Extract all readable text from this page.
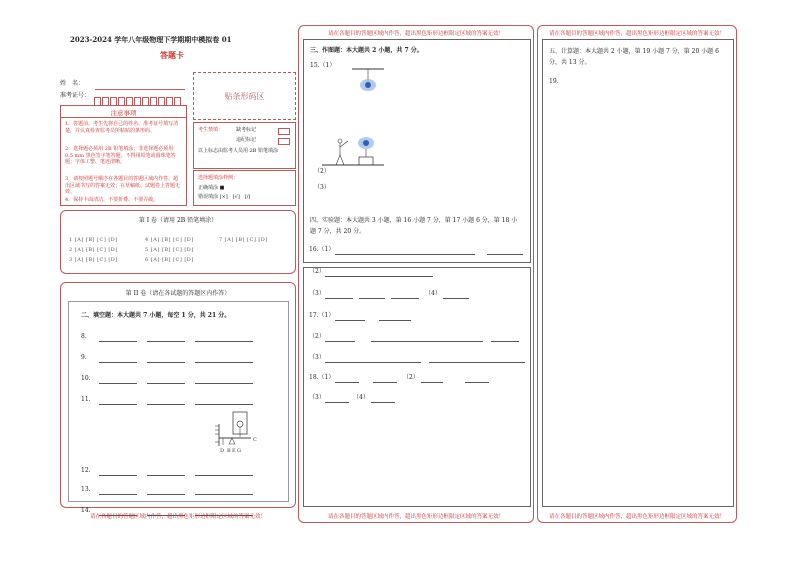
2023-2024 学年八年级物理下学期期中模拟卷 01
答题卡
姓　名：
准考证号：	贴条形码区
注意事项
1．答题前，考生先将自己的姓名、准考证号填写清楚，并认真检查监考员所粘贴的条形码。
2．选择题必须用 2B 铅笔填涂；非选择题必须用 0.5 mm 黑色签字笔答题，不得用铅笔或圆珠笔答题；字体工整、笔迹清晰。
3．请按照题号顺序在各题目的答题区域内作答，超出区域书写的答案无效；在草稿纸、试题卷上答题无效。
4．保持卡面清洁，不要折叠、不要弄破。
考生禁填：	缺考标记
违纪标记
以上标志由监考人员用 2B 铅笔填涂
选择题填涂样例：
正确填涂 ■
错误填涂 [×]　[√]　[/]
第 I 卷（请用 2B 铅笔填涂）
1 [A] [B] [C] [D]	4 [A] [B] [C] [D]	7 [A] [B] [C] [D]
2 [A] [B] [C] [D]	5 [A] [B] [C] [D]
3 [A] [B] [C] [D]	6 [A] [B] [C] [D]
第 II 卷（请在各试题的答题区内作答）
二、填空题：本大题共 7 小题，每空 1 分，共 21 分。
8.
9.
10.
11.
D B E G
C
12.
13.
14.
请在各题目的答题区域内作答，超出黑色矩形边框限定区域的答案无效！
请在各题目的答题区域内作答，超出黑色矩形边框限定区域的答案无效！
三、作图题：本大题共 2 小题，共 7 分。
15.（1）
（2）
（3）
四、实验题：本大题共 3 小题，第 16 小题 7 分，第 17 小题 6 分，第 18 小题 7 分，共 20 分。
16.（1）
（2）
（3）	（4）
17.（1）
（2）
（3）
18.（1）	（2）
（3）	（4）
请在各题目的答题区域内作答，超出黑色矩形边框限定区域的答案无效！
请在各题目的答题区域内作答，超出黑色矩形边框限定区域的答案无效！
五、计算题：本大题共 2 小题，第 19 小题 7 分，第 20 小题 6 分，共 13 分。
19.
请在各题目的答题区域内作答，超出黑色矩形边框限定区域的答案无效！
